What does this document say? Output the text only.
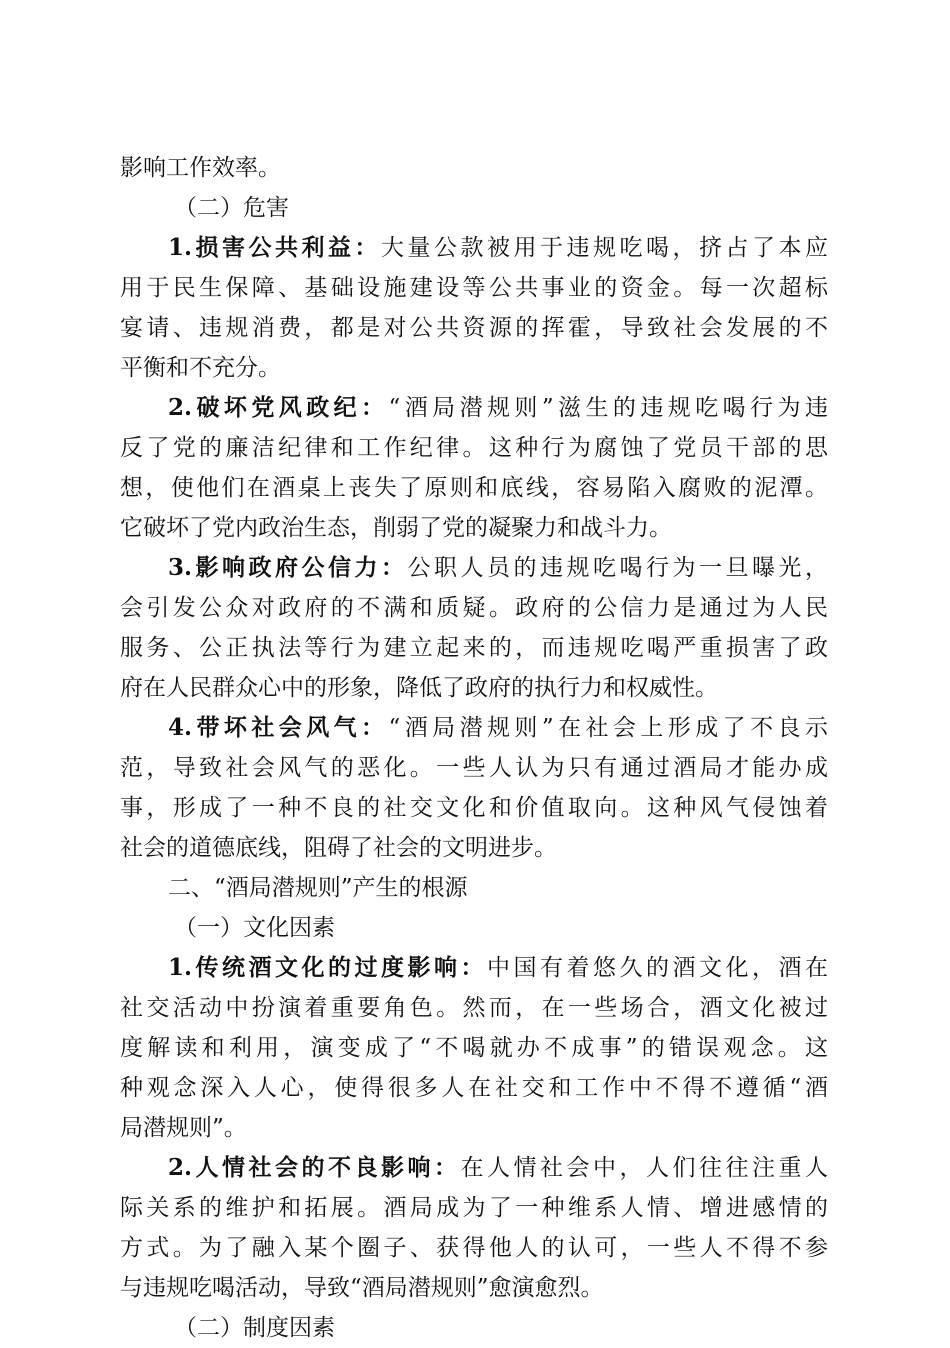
影响工作效率。
（二）危害
1.损害公共利益：大量公款被用于违规吃喝，挤占了本应
用于民生保障、基础设施建设等公共事业的资金。每一次超标
宴请、违规消费，都是对公共资源的挥霍，导致社会发展的不
平衡和不充分。
2.破坏党风政纪：“酒局潜规则”滋生的违规吃喝行为违
反了党的廉洁纪律和工作纪律。这种行为腐蚀了党员干部的思
想，使他们在酒桌上丧失了原则和底线，容易陷入腐败的泥潭。
它破坏了党内政治生态，削弱了党的凝聚力和战斗力。
3.影响政府公信力：公职人员的违规吃喝行为一旦曝光，
会引发公众对政府的不满和质疑。政府的公信力是通过为人民
服务、公正执法等行为建立起来的，而违规吃喝严重损害了政
府在人民群众心中的形象，降低了政府的执行力和权威性。
4.带坏社会风气：“酒局潜规则”在社会上形成了不良示
范，导致社会风气的恶化。一些人认为只有通过酒局才能办成
事，形成了一种不良的社交文化和价值取向。这种风气侵蚀着
社会的道德底线，阻碍了社会的文明进步。
二、“酒局潜规则”产生的根源
（一）文化因素
1.传统酒文化的过度影响：中国有着悠久的酒文化，酒在
社交活动中扮演着重要角色。然而，在一些场合，酒文化被过
度解读和利用，演变成了“不喝就办不成事”的错误观念。这
种观念深入人心，使得很多人在社交和工作中不得不遵循“酒
局潜规则”。
2.人情社会的不良影响：在人情社会中，人们往往注重人
际关系的维护和拓展。酒局成为了一种维系人情、增进感情的
方式。为了融入某个圈子、获得他人的认可，一些人不得不参
与违规吃喝活动，导致“酒局潜规则”愈演愈烈。
（二）制度因素
